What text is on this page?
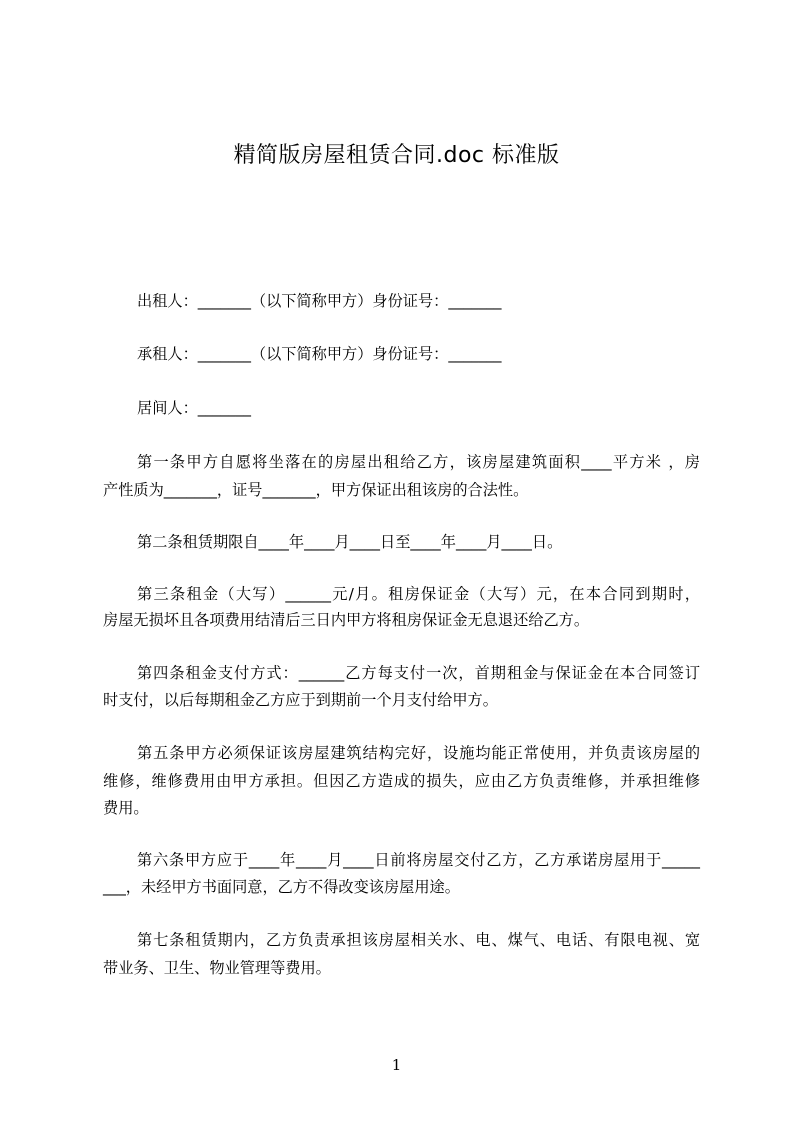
精简版房屋租赁合同.doc 标准版
出租人：_______（以下简称甲方）身份证号：_______
承租人：_______（以下简称甲方）身份证号：_______
居间人：_______
第一条甲方自愿将坐落在的房屋出租给乙方，该房屋建筑面积____平方米 ，房
产性质为_______，证号_______，甲方保证出租该房的合法性。
第二条租赁期限自____年____月____日至____年____月____日。
第三条租金（大写）______元/月。租房保证金（大写）元，在本合同到期时，
房屋无损坏且各项费用结清后三日内甲方将租房保证金无息退还给乙方。
第四条租金支付方式：______乙方每支付一次，首期租金与保证金在本合同签订
时支付，以后每期租金乙方应于到期前一个月支付给甲方。
第五条甲方必须保证该房屋建筑结构完好，设施均能正常使用，并负责该房屋的
维修，维修费用由甲方承担。但因乙方造成的损失，应由乙方负责维修，并承担维修
费用。
第六条甲方应于____年____月____日前将房屋交付乙方，乙方承诺房屋用于_____
___，未经甲方书面同意，乙方不得改变该房屋用途。
第七条租赁期内，乙方负责承担该房屋相关水、电、煤气、电话、有限电视、宽
带业务、卫生、物业管理等费用。
1
